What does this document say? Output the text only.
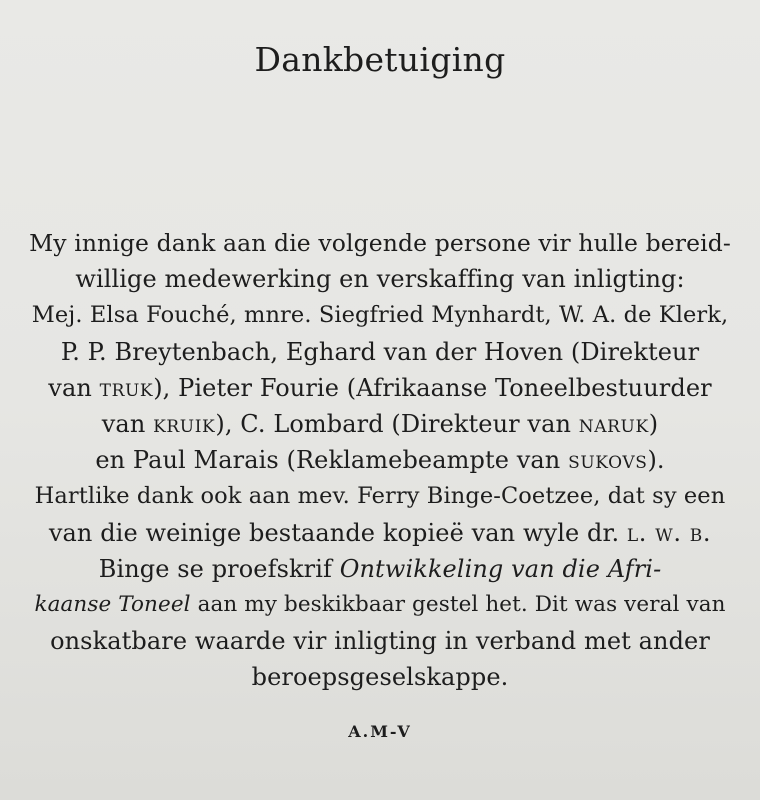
Dankbetuiging
My innige dank aan die volgende persone vir hulle bereid-
willige medewerking en verskaffing van inligting:
Mej. Elsa Fouché, mnre. Siegfried Mynhardt, W. A. de Klerk,
P. P. Breytenbach, Eghard van der Hoven (Direkteur
van truk), Pieter Fourie (Afrikaanse Toneelbestuurder
van kruik), C. Lombard (Direkteur van naruk)
en Paul Marais (Reklamebeampte van sukovs).
Hartlike dank ook aan mev. Ferry Binge-Coetzee, dat sy een
van die weinige bestaande kopieë van wyle dr. l. w. b.
Binge se proefskrif Ontwikkeling van die Afri-
kaanse Toneel aan my beskikbaar gestel het. Dit was veral van
onskatbare waarde vir inligting in verband met ander
beroepsgeselskappe.
A.M-V
